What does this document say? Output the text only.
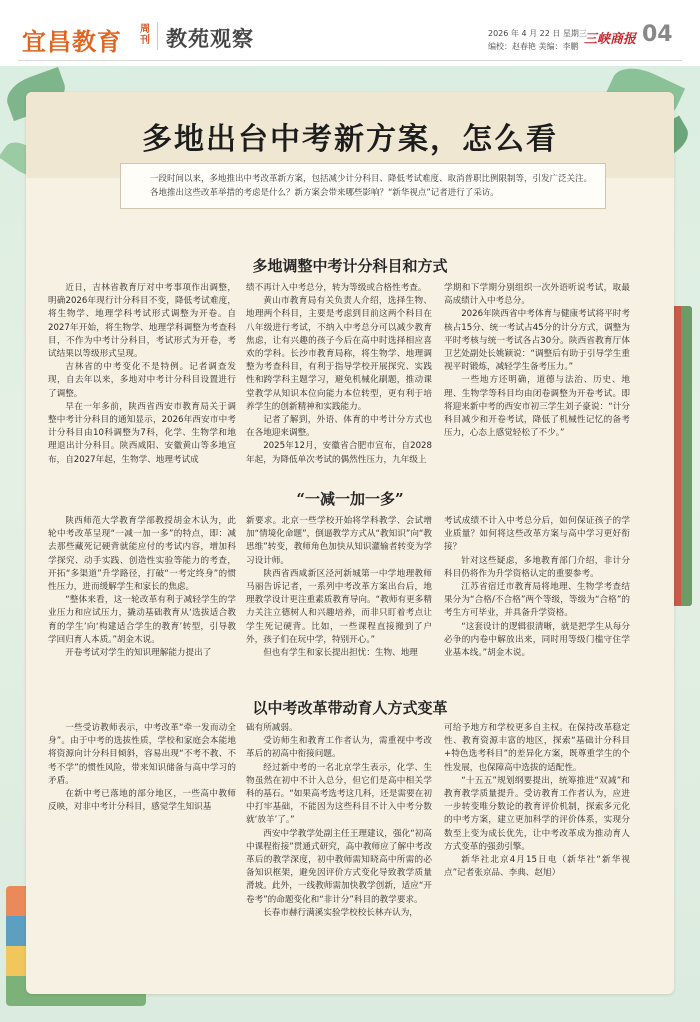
宜昌教育 周刊 教苑观察	2026 年 4 月 22 日 星期三
编校：赵春艳 美编：李鹏 三峡商报 04
多地出台中考新方案，怎么看

一段时间以来，多地推出中考改革新方案，包括减少计分科目、降低考试难度、取消普职比例限制等，引发广泛关注。

各地推出这些改革举措的考虑是什么？新方案会带来哪些影响？“新华视点”记者进行了采访。

多地调整中考计分科目和方式

近日，吉林省教育厅对中考事项作出调整，明确2026年现行计分科目不变，降低考试难度，将生物学、地理学科考试形式调整为开卷。自2027年开始，将生物学、地理学科调整为考查科目，不作为中考计分科目，考试形式为开卷，考试结果以等级形式呈现。

吉林省的中考变化不是特例。记者调查发现，自去年以来，多地对中考计分科目设置进行了调整。

早在一年多前，陕西省西安市教育局关于调整中考计分科目的通知显示，2026年西安市中考计分科目由10科调整为7科，化学、生物学和地理退出计分科目。陕西咸阳、安徽黄山等多地宣布，自2027年起，生物学、地理考试成

绩不再计入中考总分，转为等级或合格性考查。

黄山市教育局有关负责人介绍，选择生物、地理两个科目，主要是考虑到目前这两个科目在八年级进行考试，不纳入中考总分可以减少教育焦虑，让有兴趣的孩子今后在高中时选择相应喜欢的学科。长沙市教育局称，将生物学、地理调整为考查科目，有利于指导学校开展探究、实践性和跨学科主题学习，避免机械化刷题，推动课堂教学从知识本位向能力本位转型，更有利于培养学生的创新精神和实践能力。

记者了解到，外语、体育的中考计分方式也在各地迎来调整。

2025年12月，安徽省合肥市宣布，自2028年起，为降低单次考试的偶然性压力，九年级上

学期和下学期分别组织一次外语听说考试，取最高成绩计入中考总分。

2026年陕西省中考体育与健康考试将平时考核占15分、统一考试占45分的计分方式，调整为平时考核与统一考试各占30分。陕西省教育厅体卫艺处副处长姚颖说：“调整后有助于引导学生重视平时锻炼，减轻学生备考压力。”

一些地方还明确，道德与法治、历史、地理、生物学等科目均由闭卷调整为开卷考试。即将迎来新中考的西安市初三学生刘子豪说：“计分科目减少和开卷考试，降低了机械性记忆的备考压力，心态上感觉轻松了不少。”

“一减一加一多”

陕西师范大学教育学部教授胡金木认为，此轮中考改革呈现“一减一加一多”的特点，即：减去那些藏死记硬背就能应付的考试内容，增加科学探究、动手实践、创造性实验等能力的考查，开拓“多渠道”升学路径，打破“一考定终身”的惯性压力，进而缓解学生和家长的焦虑。

“整体来看，这一轮改革有利于减轻学生的学业压力和应试压力，撬动基础教育从‘选拔适合教育的学生’向‘构建适合学生的教育’转型，引导教学回归育人本质。”胡金木说。

开卷考试对学生的知识理解能力提出了

新要求。北京一些学校开始将学科教学、会试增加“情境化命题”，倒逼教学方式从“教知识”向“教思维”转变，教师角色加快从知识灌输者转变为学习设计师。

陕西省西咸新区泾河新城第一中学地理教师马丽告诉记者，一系列中考改革方案出台后，地理教学设计更注重素质教育导向。“教师有更多精力关注立德树人和兴趣培养，而非只盯着考点让学生死记硬背。比如，一些课程直接搬到了户外，孩子们在玩中学，特别开心。”

但也有学生和家长提出担忧：生物、地理

考试成绩不计入中考总分后，如何保证孩子的学业质量？如何将这些改革方案与高中学习更好衔接？

针对这些疑虑，多地教育部门介绍，非计分科目仍将作为升学资格认定的重要参考。

江苏省宿迁市教育局将地理、生物学考查结果分为“合格/不合格”两个等级，等级为“合格”的考生方可毕业，并具备升学资格。

“这套设计的逻辑很清晰，就是把学生从每分必争的内卷中解放出来，同时用等级门槛守住学业基本线。”胡金木说。

以中考改革带动育人方式变革

一些受访教师表示，中考改革“牵一发而动全身”。由于中考的选拔性质，学校和家庭会本能地将资源向计分科目倾斜，容易出现“不考不教、不考不学”的惯性风险，带来知识储备与高中学习的矛盾。

在新中考已落地的部分地区，一些高中教师反映，对非中考计分科目，感觉学生知识基

础有所减弱。

受访师生和教育工作者认为，需重视中考改革后的初高中衔接问题。

经过新中考的一名北京学生表示，化学、生物虽然在初中不计入总分，但它们是高中相关学科的基石。“如果高考选考这几科，还是需要在初中打牢基础，不能因为这些科目不计入中考分数就‘放羊’了。”

西安中学教学处副主任王理建议，强化“初高中课程衔接”贯通式研究，高中教师应了解中考改革后的教学深度，初中教师需知晓高中所需的必备知识框架，避免因评价方式变化导致教学质量滑坡。此外，一线教师需加快教学创新，适应“开卷考”的命题变化和“非计分”科目的教学要求。

长春市赫行满溪实验学校校长林卉认为，

可给予地方和学校更多自主权。在保持改革稳定性、教育资源丰富的地区，探索“基础计分科目+特色选考科目”的差异化方案，既尊重学生的个性发展，也保障高中选拔的适配性。

“十五五”规划纲要提出，统筹推进“双减”和教育教学质量提升。受访教育工作者认为，应进一步转变唯分数论的教育评价机制，探索多元化的中考方案，建立更加科学的评价体系，实现分数至上变为成长优先，让中考改革成为推动育人方式变革的强劲引擎。

新华社北京4月15日电（新华社“新华视点”记者张京品、李典、赵旭）
